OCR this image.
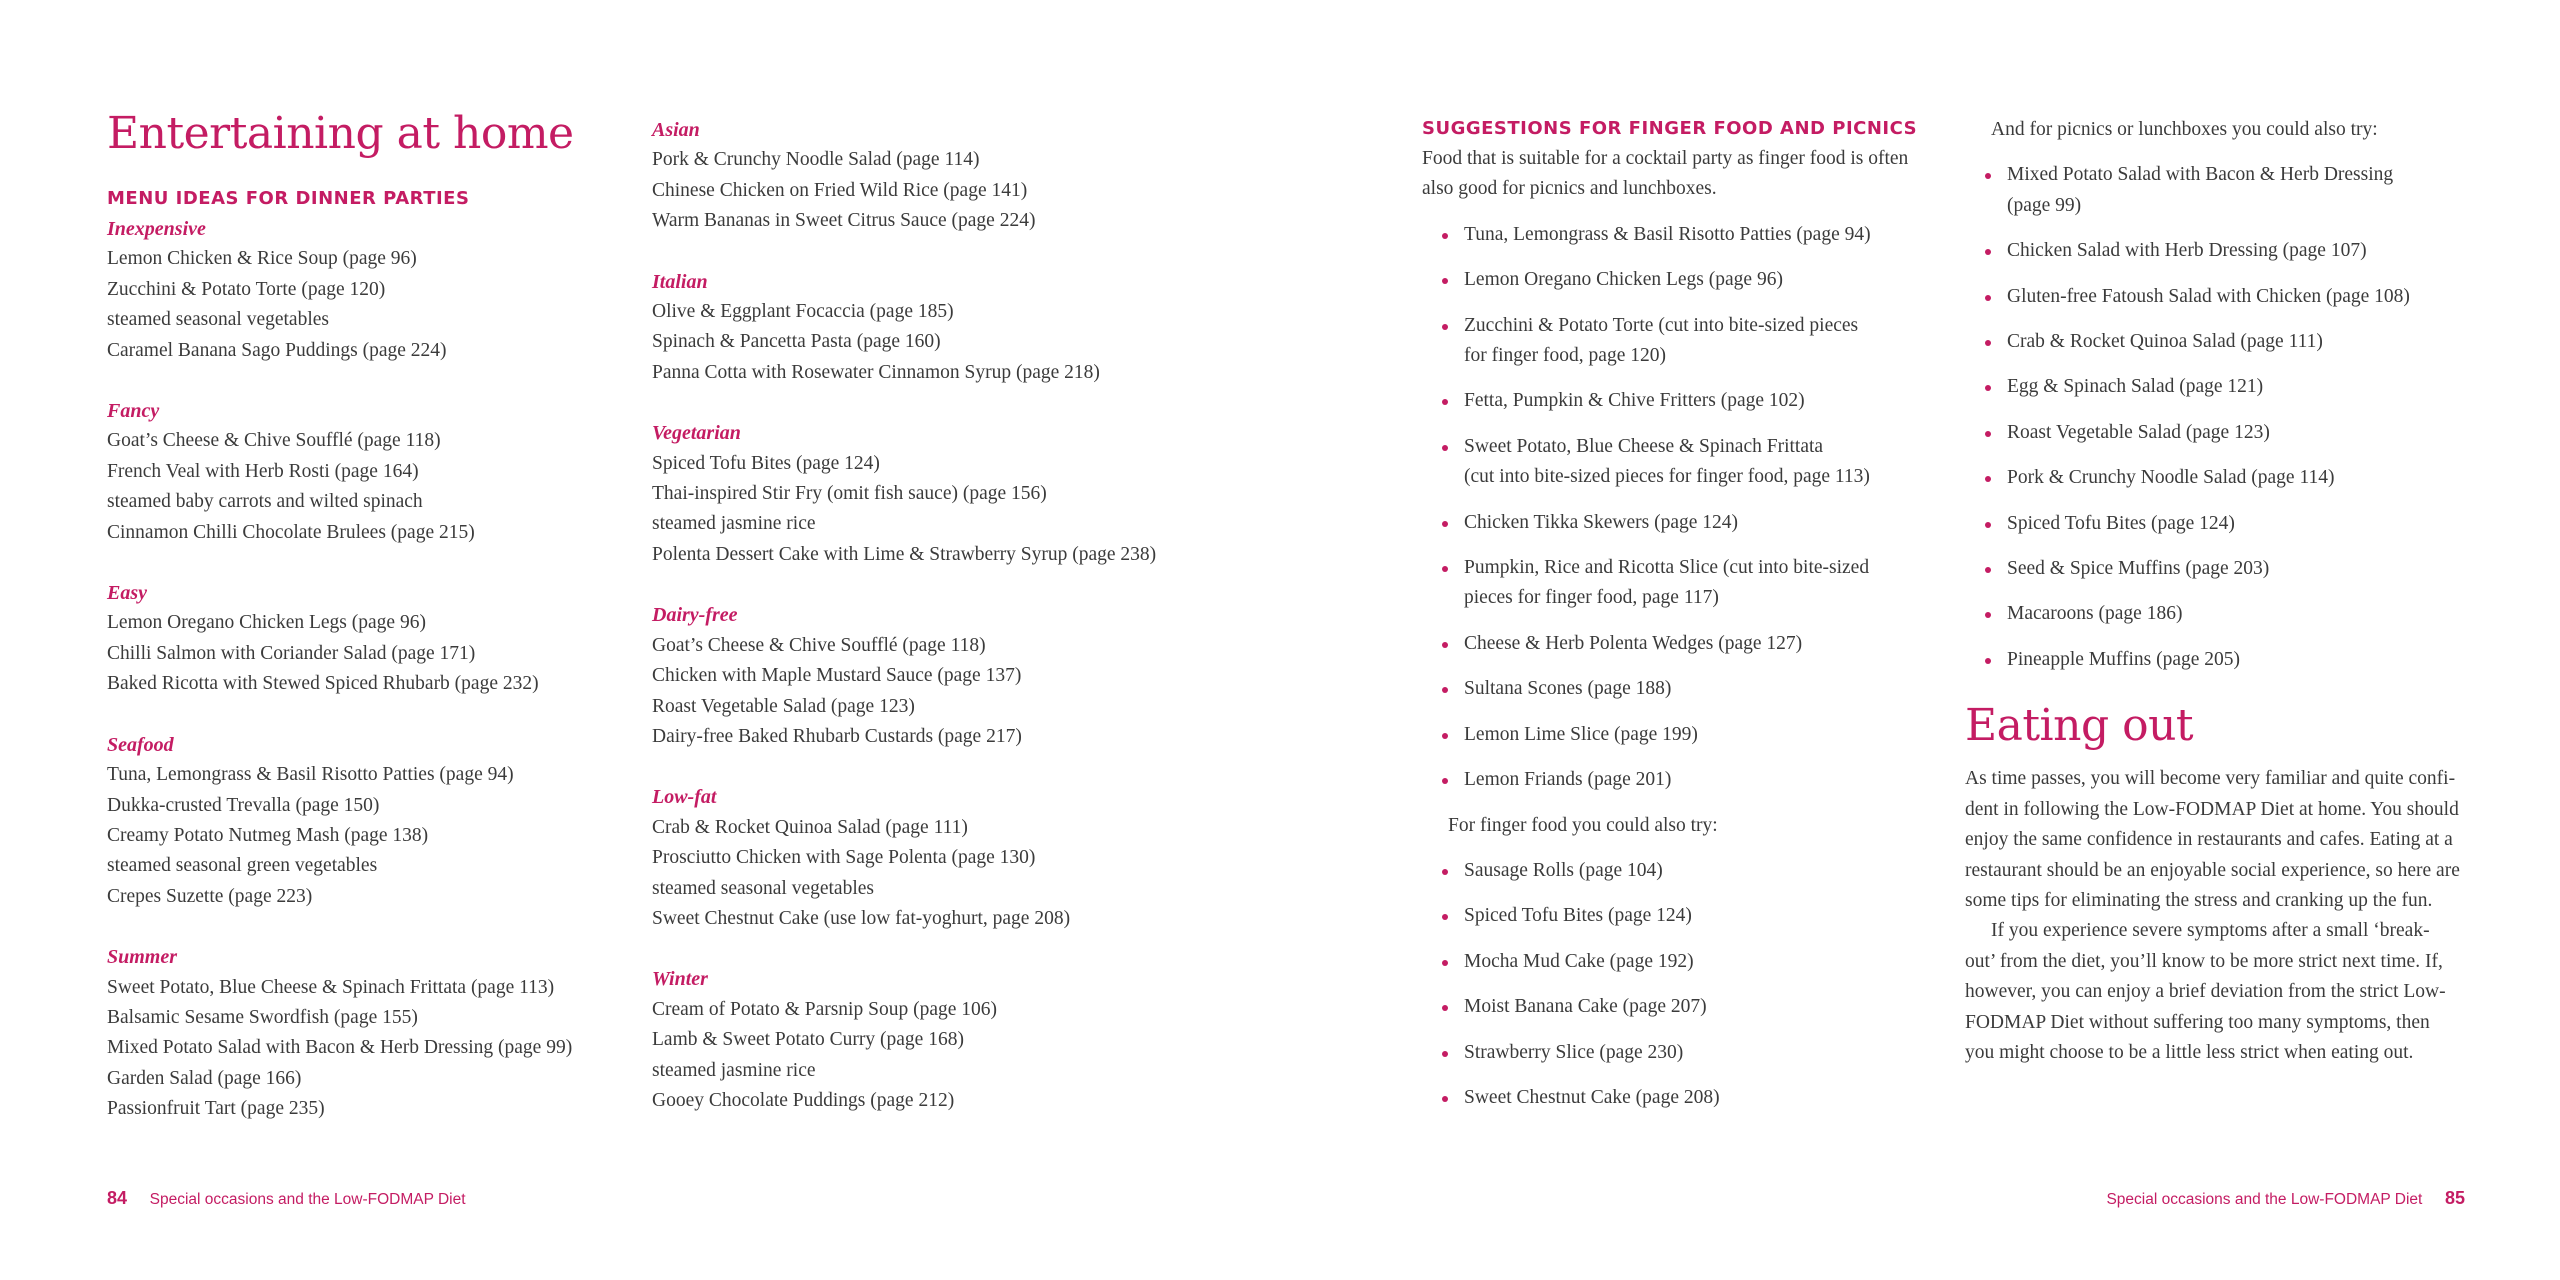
Entertaining at home

MENU IDEAS FOR DINNER PARTIES

Inexpensive

Lemon Chicken & Rice Soup (page 96)
Zucchini & Potato Torte (page 120)
steamed seasonal vegetables
Caramel Banana Sago Puddings (page 224)

Fancy

Goat’s Cheese & Chive Soufflé (page 118)
French Veal with Herb Rosti (page 164)
steamed baby carrots and wilted spinach
Cinnamon Chilli Chocolate Brulees (page 215)

Easy

Lemon Oregano Chicken Legs (page 96)
Chilli Salmon with Coriander Salad (page 171)
Baked Ricotta with Stewed Spiced Rhubarb (page 232)

Seafood

Tuna, Lemongrass & Basil Risotto Patties (page 94)
Dukka-crusted Trevalla (page 150)
Creamy Potato Nutmeg Mash (page 138)
steamed seasonal green vegetables
Crepes Suzette (page 223)

Summer

Sweet Potato, Blue Cheese & Spinach Frittata (page 113)
Balsamic Sesame Swordfish (page 155)
Mixed Potato Salad with Bacon & Herb Dressing (page 99)
Garden Salad (page 166)
Passionfruit Tart (page 235)

Asian

Pork & Crunchy Noodle Salad (page 114)
Chinese Chicken on Fried Wild Rice (page 141)
Warm Bananas in Sweet Citrus Sauce (page 224)

Italian

Olive & Eggplant Focaccia (page 185)
Spinach & Pancetta Pasta (page 160)
Panna Cotta with Rosewater Cinnamon Syrup (page 218)

Vegetarian

Spiced Tofu Bites (page 124)
Thai-inspired Stir Fry (omit fish sauce) (page 156)
steamed jasmine rice
Polenta Dessert Cake with Lime & Strawberry Syrup (page 238)

Dairy-free

Goat’s Cheese & Chive Soufflé (page 118)
Chicken with Maple Mustard Sauce (page 137)
Roast Vegetable Salad (page 123)
Dairy-free Baked Rhubarb Custards (page 217)

Low-fat

Crab & Rocket Quinoa Salad (page 111)
Prosciutto Chicken with Sage Polenta (page 130)
steamed seasonal vegetables
Sweet Chestnut Cake (use low fat-yoghurt, page 208)

Winter

Cream of Potato & Parsnip Soup (page 106)
Lamb & Sweet Potato Curry (page 168)
steamed jasmine rice
Gooey Chocolate Puddings (page 212)

SUGGESTIONS FOR FINGER FOOD AND PICNICS

Food that is suitable for a cocktail party as finger food is often
also good for picnics and lunchboxes.
Tuna, Lemongrass & Basil Risotto Patties (page 94)
Lemon Oregano Chicken Legs (page 96)
Zucchini & Potato Torte (cut into bite-sized pieces
for finger food, page 120)
Fetta, Pumpkin & Chive Fritters (page 102)
Sweet Potato, Blue Cheese & Spinach Frittata
(cut into bite-sized pieces for finger food, page 113)
Chicken Tikka Skewers (page 124)
Pumpkin, Rice and Ricotta Slice (cut into bite-sized
pieces for finger food, page 117)
Cheese & Herb Polenta Wedges (page 127)
Sultana Scones (page 188)
Lemon Lime Slice (page 199)
Lemon Friands (page 201)

For finger food you could also try:

Sausage Rolls (page 104)
Spiced Tofu Bites (page 124)
Mocha Mud Cake (page 192)
Moist Banana Cake (page 207)
Strawberry Slice (page 230)
Sweet Chestnut Cake (page 208)

And for picnics or lunchboxes you could also try:

Mixed Potato Salad with Bacon & Herb Dressing
(page 99)
Chicken Salad with Herb Dressing (page 107)
Gluten-free Fatoush Salad with Chicken (page 108)
Crab & Rocket Quinoa Salad (page 111)
Egg & Spinach Salad (page 121)
Roast Vegetable Salad (page 123)
Pork & Crunchy Noodle Salad (page 114)
Spiced Tofu Bites (page 124)
Seed & Spice Muffins (page 203)
Macaroons (page 186)
Pineapple Muffins (page 205)
Eating out
As time passes, you will become very familiar and quite confi-
dent in following the Low-FODMAP Diet at home. You should
enjoy the same confidence in restaurants and cafes. Eating at a
restaurant should be an enjoyable social experience, so here are
some tips for eliminating the stress and cranking up the fun.
If you experience severe symptoms after a small ‘break-
out’ from the diet, you’ll know to be more strict next time. If,
however, you can enjoy a brief deviation from the strict Low-
FODMAP Diet without suffering too many symptoms, then
you might choose to be a little less strict when eating out.
84 Special occasions and the Low-FODMAP Diet	Special occasions and the Low-FODMAP Diet 85
